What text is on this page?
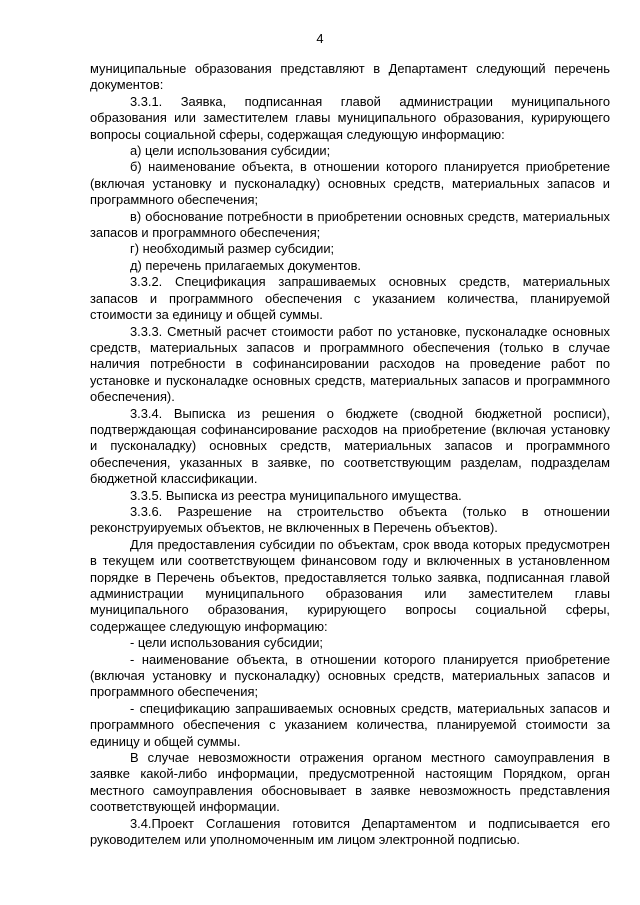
4

муниципальные образования представляют в Департамент следующий перечень документов:

3.3.1. Заявка, подписанная главой администрации муниципального образования или заместителем главы муниципального образования, курирующего вопросы социальной сферы, содержащая следующую информацию:

а) цели использования субсидии;

б) наименование объекта, в отношении которого планируется приобретение (включая установку и пусконаладку) основных средств, материальных запасов и программного обеспечения;

в) обоснование потребности в приобретении основных средств, материальных запасов и программного обеспечения;

г) необходимый размер субсидии;

д) перечень прилагаемых документов.

3.3.2. Спецификация запрашиваемых основных средств, материальных запасов и программного обеспечения с указанием количества, планируемой стоимости за единицу и общей суммы.

3.3.3. Сметный расчет стоимости работ по установке, пусконаладке основных средств, материальных запасов и программного обеспечения (только в случае наличия потребности в софинансировании расходов на проведение работ по установке и пусконаладке основных средств, материальных запасов и программного обеспечения).

3.3.4. Выписка из решения о бюджете (сводной бюджетной росписи), подтверждающая софинансирование расходов на приобретение (включая установку и пусконаладку) основных средств, материальных запасов и программного обеспечения, указанных в заявке, по соответствующим разделам, подразделам бюджетной классификации.

3.3.5. Выписка из реестра муниципального имущества.

3.3.6. Разрешение на строительство объекта (только в отношении реконструируемых объектов, не включенных в Перечень объектов).

Для предоставления субсидии по объектам, срок ввода которых предусмотрен в текущем или соответствующем финансовом году и включенных в установленном порядке в Перечень объектов, предоставляется только заявка, подписанная главой администрации муниципального образования или заместителем главы муниципального образования, курирующего вопросы социальной сферы, содержащее следующую информацию:

- цели использования субсидии;

- наименование объекта, в отношении которого планируется приобретение (включая установку и пусконаладку) основных средств, материальных запасов и программного обеспечения;

- спецификацию запрашиваемых основных средств, материальных запасов и программного обеспечения с указанием количества, планируемой стоимости за единицу и общей суммы.

В случае невозможности отражения органом местного самоуправления в заявке какой-либо информации, предусмотренной настоящим Порядком, орган местного самоуправления обосновывает в заявке невозможность представления соответствующей информации.

3.4.Проект Соглашения готовится Департаментом и подписывается его руководителем или уполномоченным им лицом электронной подписью.
